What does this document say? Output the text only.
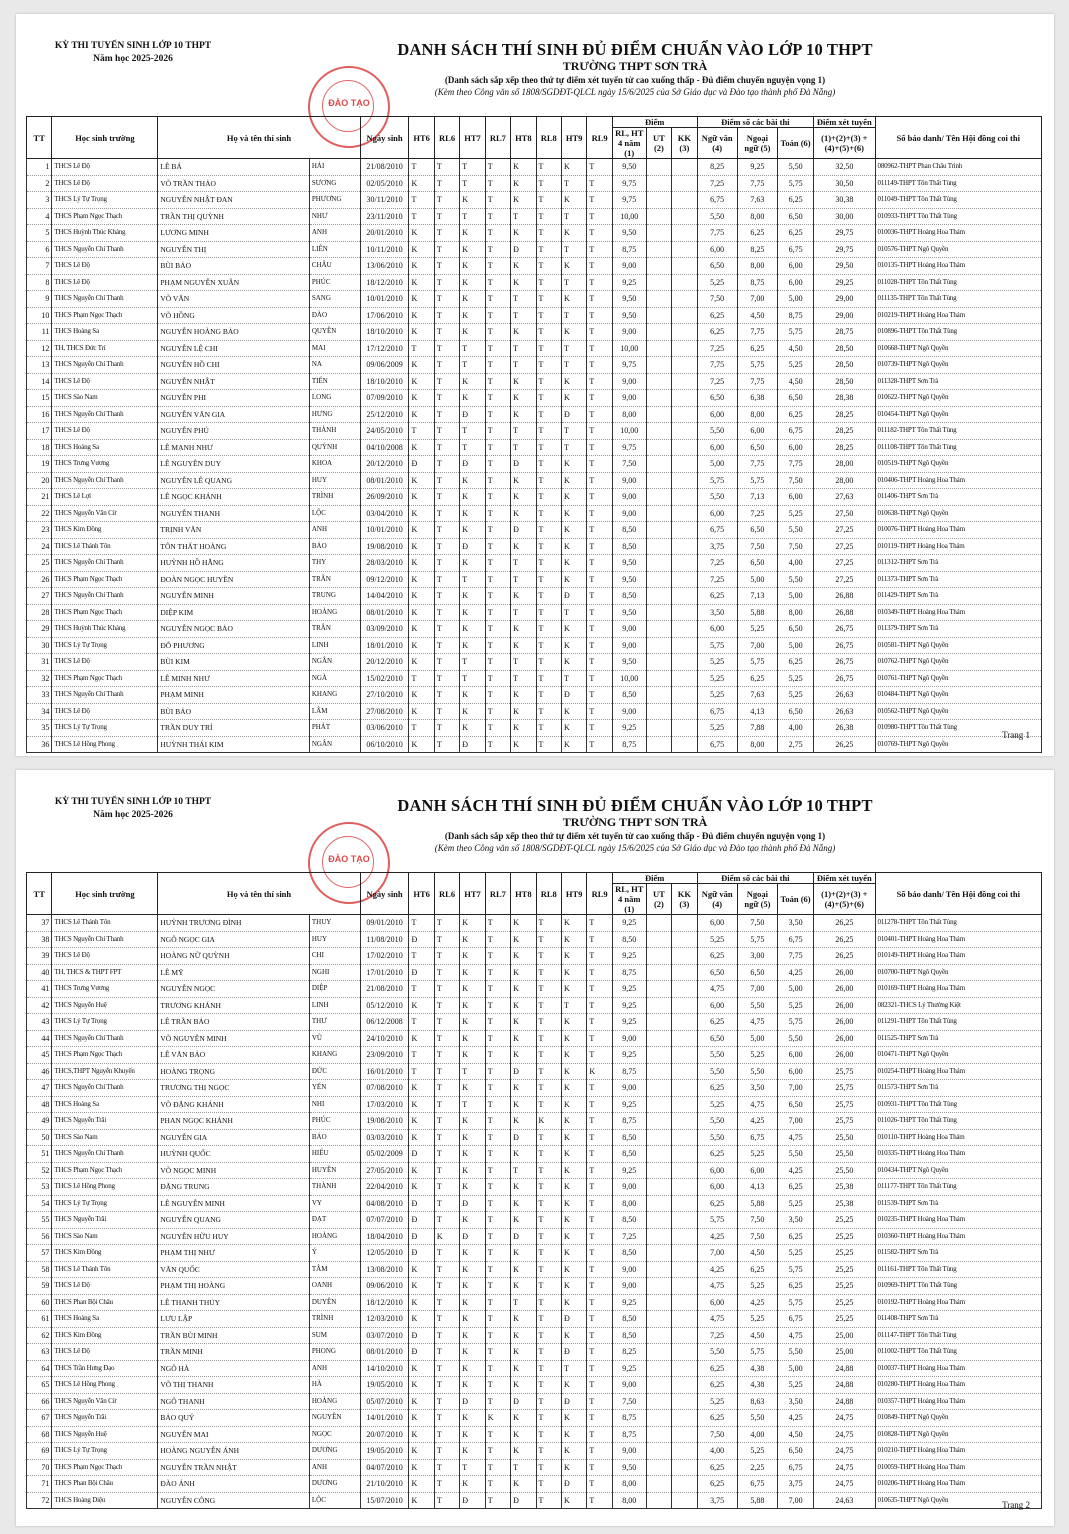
KỲ THI TUYỂN SINH LỚP 10 THPT
Năm học 2025-2026
ĐÀO TẠO
DANH SÁCH THÍ SINH ĐỦ ĐIỂM CHUẨN VÀO LỚP 10 THPT
TRƯỜNG THPT SƠN TRÀ
(Danh sách sắp xếp theo thứ tự điểm xét tuyển từ cao xuống thấp - Đủ điểm chuyển nguyện vọng 1)
(Kèm theo Công văn số 1808/SGDĐT-QLCL ngày 15/6/2025 của Sở Giáo dục và Đào tạo thành phố Đà Nẵng)
TT	Học sinh trường	Họ và tên thí sinh		Ngày sinh	HT6	RL6	HT7	RL7	HT8	RL8	HT9	RL9	Điểm			Điểm số các bài thi			Điểm xét tuyển	Số báo danh/ Tên Hội đồng coi thi
													RL, HT 4 năm (1)	UT (2)	KK (3)	Ngữ văn (4)	Ngoại ngữ (5)	Toán (6)	(1)+(2)+(3) +(4)+(5)+(6)	
1	THCS Lê Độ	LÊ BÁ	HẢI	21/08/2010	T	T	T	T	K	T	K	T	9,50			8,25	9,25	5,50	32,50	080962-THPT Phan Châu Trinh
2	THCS Lê Độ	VÕ TRẦN THẢO	SƯƠNG	02/05/2010	K	T	T	T	K	T	T	T	9,75			7,25	7,75	5,75	30,50	011149-THPT Tôn Thất Tùng
3	THCS Lý Tự Trọng	NGUYỄN NHẬT ĐAN	PHƯƠNG	30/11/2010	T	T	K	T	K	T	K	T	9,75			6,75	7,63	6,25	30,38	011049-THPT Tôn Thất Tùng
4	THCS Phạm Ngọc Thạch	TRẦN THỊ QUỲNH	NHƯ	23/11/2010	T	T	T	T	T	T	T	T	10,00			5,50	8,00	6,50	30,00	010933-THPT Tôn Thất Tùng
5	THCS Huỳnh Thúc Kháng	LƯƠNG MINH	ANH	20/01/2010	K	T	K	T	K	T	K	T	9,50			7,75	6,25	6,25	29,75	010036-THPT Hoàng Hoa Thám
6	THCS Nguyễn Chí Thanh	NGUYỄN THỊ	LIÊN	10/11/2010	K	T	K	T	Đ	T	T	T	8,75			6,00	8,25	6,75	29,75	010576-THPT Ngô Quyền
7	THCS Lê Độ	BÙI BẢO	CHÂU	13/06/2010	K	T	K	T	K	T	K	T	9,00			6,50	8,00	6,00	29,50	010135-THPT Hoàng Hoa Thám
8	THCS Lê Độ	PHẠM NGUYỄN XUÂN	PHÚC	18/12/2010	K	T	K	T	K	T	T	T	9,25			5,25	8,75	6,00	29,25	011028-THPT Tôn Thất Tùng
9	THCS Nguyễn Chí Thanh	VÕ VĂN	SANG	10/01/2010	K	T	K	T	T	T	K	T	9,50			7,50	7,00	5,00	29,00	011135-THPT Tôn Thất Tùng
10	THCS Phạm Ngọc Thạch	VÕ HỒNG	ĐÀO	17/06/2010	K	T	K	T	T	T	T	T	9,50			6,25	4,50	8,75	29,00	010219-THPT Hoàng Hoa Thám
11	THCS Hoàng Sa	NGUYỄN HOÀNG BẢO	QUYÊN	18/10/2010	K	T	K	T	K	T	K	T	9,00			6,25	7,75	5,75	28,75	010896-THPT Tôn Thất Tùng
12	TH, THCS Đức Trí	NGUYỄN LỆ CHI	MAI	17/12/2010	T	T	T	T	T	T	T	T	10,00			7,25	6,25	4,50	28,50	010668-THPT Ngô Quyền
13	THCS Nguyễn Chí Thanh	NGUYỄN HỒ CHI	NA	09/06/2009	K	T	T	T	T	T	T	T	9,75			7,75	5,75	5,25	28,50	010739-THPT Ngô Quyền
14	THCS Lê Độ	NGUYỄN NHẬT	TIẾN	18/10/2010	K	T	K	T	K	T	K	T	9,00			7,25	7,75	4,50	28,50	011328-THPT Sơn Trà
15	THCS Sào Nam	NGUYỄN PHI	LONG	07/09/2010	K	T	K	T	K	T	K	T	9,00			6,50	6,38	6,50	28,38	010622-THPT Ngô Quyền
16	THCS Nguyễn Chí Thanh	NGUYỄN VĂN GIA	HƯNG	25/12/2010	K	T	Đ	T	K	T	Đ	T	8,00			6,00	8,00	6,25	28,25	010454-THPT Ngô Quyền
17	THCS Lê Độ	NGUYỄN PHÚ	THÀNH	24/05/2010	T	T	T	T	T	T	T	T	10,00			5,50	6,00	6,75	28,25	011182-THPT Tôn Thất Tùng
18	THCS Hoàng Sa	LÊ MẠNH NHƯ	QUỲNH	04/10/2008	K	T	T	T	T	T	T	T	9,75			6,00	6,50	6,00	28,25	011108-THPT Tôn Thất Tùng
19	THCS Trưng Vương	LÊ NGUYÊN DUY	KHOA	20/12/2010	Đ	T	Đ	T	Đ	T	K	T	7,50			5,00	7,75	7,75	28,00	010519-THPT Ngô Quyền
20	THCS Nguyễn Chí Thanh	NGUYỄN LÊ QUANG	HUY	08/01/2010	K	T	K	T	K	T	K	T	9,00			5,75	5,75	7,50	28,00	010406-THPT Hoàng Hoa Thám
21	THCS Lê Lợi	LÊ NGỌC KHÁNH	TRÌNH	26/09/2010	K	T	K	T	K	T	K	T	9,00			5,50	7,13	6,00	27,63	011406-THPT Sơn Trà
22	THCS Nguyễn Văn Cừ	NGUYỄN THANH	LỘC	03/04/2010	K	T	K	T	K	T	K	T	9,00			6,00	7,25	5,25	27,50	010638-THPT Ngô Quyền
23	THCS Kim Đồng	TRỊNH VĂN	ANH	10/01/2010	K	T	K	T	Đ	T	K	T	8,50			6,75	6,50	5,50	27,25	010076-THPT Hoàng Hoa Thám
24	THCS Lê Thánh Tôn	TÔN THẤT HOÀNG	BẢO	19/08/2010	K	T	Đ	T	K	T	K	T	8,50			3,75	7,50	7,50	27,25	010119-THPT Hoàng Hoa Thám
25	THCS Nguyễn Chí Thanh	HUỲNH HỒ HẰNG	THY	28/03/2010	K	T	K	T	T	T	K	T	9,50			7,25	6,50	4,00	27,25	011312-THPT Sơn Trà
26	THCS Phạm Ngọc Thạch	ĐOÀN NGỌC HUYỀN	TRÂN	09/12/2010	K	T	T	T	T	T	K	T	9,50			7,25	5,00	5,50	27,25	011373-THPT Sơn Trà
27	THCS Nguyễn Chí Thanh	NGUYỄN MINH	TRUNG	14/04/2010	K	T	K	T	K	T	Đ	T	8,50			6,25	7,13	5,00	26,88	011429-THPT Sơn Trà
28	THCS Phạm Ngọc Thạch	DIỆP KIM	HOÀNG	08/01/2010	K	T	K	T	T	T	T	T	9,50			3,50	5,88	8,00	26,88	010349-THPT Hoàng Hoa Thám
29	THCS Huỳnh Thúc Kháng	NGUYỄN NGỌC BẢO	TRÂN	03/09/2010	K	T	K	T	K	T	K	T	9,00			6,00	5,25	6,50	26,75	011379-THPT Sơn Trà
30	THCS Lý Tự Trọng	ĐỖ PHƯƠNG	LINH	18/01/2010	K	T	K	T	K	T	K	T	9,00			5,75	7,00	5,00	26,75	010581-THPT Ngô Quyền
31	THCS Lê Độ	BÙI KIM	NGÂN	20/12/2010	K	T	T	T	T	T	K	T	9,50			5,25	5,75	6,25	26,75	010762-THPT Ngô Quyền
32	THCS Phạm Ngọc Thạch	LÊ MINH NHƯ	NGÀ	15/02/2010	T	T	T	T	T	T	T	T	10,00			5,25	6,25	5,25	26,75	010761-THPT Ngô Quyền
33	THCS Nguyễn Chí Thanh	PHẠM MINH	KHANG	27/10/2010	K	T	K	T	K	T	Đ	T	8,50			5,25	7,63	5,25	26,63	010484-THPT Ngô Quyền
34	THCS Lê Độ	BÙI BẢO	LÂM	27/08/2010	K	T	K	T	K	T	K	T	9,00			6,75	4,13	6,50	26,63	010562-THPT Ngô Quyền
35	THCS Lý Tự Trọng	TRẦN DUY TRÍ	PHÁT	03/06/2010	T	T	K	T	K	T	K	T	9,25			5,25	7,88	4,00	26,38	010980-THPT Tôn Thất Tùng
36	THCS Lê Hồng Phong	HUỲNH THÁI KIM	NGÂN	06/10/2010	K	T	Đ	T	K	T	K	T	8,75			6,75	8,00	2,75	26,25	010769-THPT Ngô Quyền
Trang 1
KỲ THI TUYỂN SINH LỚP 10 THPT
Năm học 2025-2026
ĐÀO TẠO
DANH SÁCH THÍ SINH ĐỦ ĐIỂM CHUẨN VÀO LỚP 10 THPT
TRƯỜNG THPT SƠN TRÀ
(Danh sách sắp xếp theo thứ tự điểm xét tuyển từ cao xuống thấp - Đủ điểm chuyển nguyện vọng 1)
(Kèm theo Công văn số 1808/SGDĐT-QLCL ngày 15/6/2025 của Sở Giáo dục và Đào tạo thành phố Đà Nẵng)
TT	Học sinh trường	Họ và tên thí sinh		Ngày sinh	HT6	RL6	HT7	RL7	HT8	RL8	HT9	RL9	Điểm			Điểm số các bài thi			Điểm xét tuyển	Số báo danh/ Tên Hội đồng coi thi
													RL, HT 4 năm (1)	UT (2)	KK (3)	Ngữ văn (4)	Ngoại ngữ (5)	Toán (6)	(1)+(2)+(3) +(4)+(5)+(6)	
37	THCS Lê Thánh Tôn	HUỲNH TRƯƠNG ĐÌNH	THUY	09/01/2010	T	T	K	T	K	T	K	T	9,25			6,00	7,50	3,50	26,25	011278-THPT Tôn Thất Tùng
38	THCS Nguyễn Chí Thanh	NGÔ NGỌC GIA	HUY	11/08/2010	Đ	T	K	T	K	T	K	T	8,50			5,25	5,75	6,75	26,25	010401-THPT Hoàng Hoa Thám
39	THCS Lê Độ	HOÀNG NỮ QUỲNH	CHI	17/02/2010	T	T	K	T	K	T	K	T	9,25			6,25	3,00	7,75	26,25	010149-THPT Hoàng Hoa Thám
40	TH, THCS & THPT FPT	LÊ MỸ	NGHI	17/01/2010	Đ	T	K	T	K	T	K	T	8,75			6,50	6,50	4,25	26,00	010700-THPT Ngô Quyền
41	THCS Trưng Vương	NGUYỄN NGỌC	DIỆP	21/08/2010	T	T	K	T	K	T	K	T	9,25			4,75	7,00	5,00	26,00	010169-THPT Hoàng Hoa Thám
42	THCS Nguyễn Huệ	TRƯƠNG KHÁNH	LINH	05/12/2010	K	T	K	T	K	T	T	T	9,25			6,00	5,50	5,25	26,00	082321-THCS Lý Thường Kiệt
43	THCS Lý Tự Trọng	LÊ TRẦN BẢO	THƯ	06/12/2008	T	T	K	T	K	T	K	T	9,25			6,25	4,75	5,75	26,00	011291-THPT Tôn Thất Tùng
44	THCS Nguyễn Chí Thanh	VÕ NGUYÊN MINH	VŨ	24/10/2010	K	T	K	T	K	T	K	T	9,00			6,50	5,00	5,50	26,00	011525-THPT Sơn Trà
45	THCS Phạm Ngọc Thạch	LÊ VĂN BẢO	KHANG	23/09/2010	T	T	K	T	K	T	K	T	9,25			5,50	5,25	6,00	26,00	010471-THPT Ngô Quyền
46	THCS,THPT Nguyễn Khuyến	HOÀNG TRỌNG	ĐỨC	16/01/2010	T	T	T	T	Đ	T	K	K	8,75			5,50	5,50	6,00	25,75	010254-THPT Hoàng Hoa Thám
47	THCS Nguyễn Chí Thanh	TRƯƠNG THỊ NGỌC	YẾN	07/08/2010	K	T	K	T	K	T	K	T	9,00			6,25	3,50	7,00	25,75	011573-THPT Sơn Trà
48	THCS Hoàng Sa	VÕ ĐẶNG KHÁNH	NHI	17/03/2010	K	T	T	T	K	T	K	T	9,25			5,25	4,75	6,50	25,75	010931-THPT Tôn Thất Tùng
49	THCS Nguyễn Trãi	PHAN NGỌC KHÁNH	PHÚC	19/08/2010	K	T	K	T	K	K	K	T	8,75			5,50	4,25	7,00	25,75	011026-THPT Tôn Thất Tùng
50	THCS Sào Nam	NGUYỄN GIA	BẢO	03/03/2010	K	T	K	T	Đ	T	K	T	8,50			5,50	6,75	4,75	25,50	010110-THPT Hoàng Hoa Thám
51	THCS Nguyễn Chí Thanh	HUỲNH QUỐC	HIẾU	05/02/2009	Đ	T	K	T	K	T	K	T	8,50			6,25	5,25	5,50	25,50	010335-THPT Hoàng Hoa Thám
52	THCS Phạm Ngọc Thạch	VÕ NGỌC MINH	HUYỀN	27/05/2010	K	T	K	T	T	T	K	T	9,25			6,00	6,00	4,25	25,50	010434-THPT Ngô Quyền
53	THCS Lê Hồng Phong	ĐẶNG TRUNG	THÀNH	22/04/2010	K	T	K	T	K	T	K	T	9,00			6,00	4,13	6,25	25,38	011177-THPT Tôn Thất Tùng
54	THCS Lý Tự Trọng	LÊ NGUYỄN MINH	VY	04/08/2010	Đ	T	Đ	T	K	T	K	T	8,00			6,25	5,88	5,25	25,38	011539-THPT Sơn Trà
55	THCS Nguyễn Trãi	NGUYỄN QUANG	ĐẠT	07/07/2010	Đ	T	K	T	K	T	K	T	8,50			5,75	7,50	3,50	25,25	010235-THPT Hoàng Hoa Thám
56	THCS Sào Nam	NGUYỄN HỮU HUY	HOÀNG	18/04/2010	Đ	K	Đ	T	Đ	T	K	T	7,25			4,25	7,50	6,25	25,25	010360-THPT Hoàng Hoa Thám
57	THCS Kim Đồng	PHẠM THỊ NHƯ	Ý	12/05/2010	Đ	T	K	T	K	T	K	T	8,50			7,00	4,50	5,25	25,25	011582-THPT Sơn Trà
58	THCS Lê Thánh Tôn	VĂN QUỐC	TÂM	13/08/2010	K	T	K	T	K	T	K	T	9,00			4,25	6,25	5,75	25,25	011161-THPT Tôn Thất Tùng
59	THCS Lê Độ	PHẠM THỊ HOÀNG	OANH	09/06/2010	K	T	K	T	K	T	K	T	9,00			4,75	5,25	6,25	25,25	010969-THPT Tôn Thất Tùng
60	THCS Phan Bội Châu	LÊ THANH THỦY	DUYÊN	18/12/2010	K	T	K	T	T	T	K	T	9,25			6,00	4,25	5,75	25,25	010192-THPT Hoàng Hoa Thám
61	THCS Hoàng Sa	LƯU LẬP	TRÌNH	12/03/2010	K	T	K	T	K	T	Đ	T	8,50			4,75	5,25	6,75	25,25	011408-THPT Sơn Trà
62	THCS Kim Đồng	TRẦN BÙI MINH	SUM	03/07/2010	Đ	T	K	T	K	T	K	T	8,50			7,25	4,50	4,75	25,00	011147-THPT Tôn Thất Tùng
63	THCS Lê Độ	TRẦN MINH	PHONG	08/01/2010	Đ	T	K	T	K	T	Đ	T	8,25			5,50	5,75	5,50	25,00	011002-THPT Tôn Thất Tùng
64	THCS Trần Hưng Đạo	NGÔ HÀ	ANH	14/10/2010	K	T	K	T	K	T	T	T	9,25			6,25	4,38	5,00	24,88	010037-THPT Hoàng Hoa Thám
65	THCS Lê Hồng Phong	VÕ THỊ THANH	HÀ	19/05/2010	K	T	K	T	K	T	K	T	9,00			6,25	4,38	5,25	24,88	010280-THPT Hoàng Hoa Thám
66	THCS Nguyễn Văn Cừ	NGÔ THANH	HOÀNG	05/07/2010	K	T	Đ	T	Đ	T	Đ	T	7,50			5,25	8,63	3,50	24,88	010357-THPT Hoàng Hoa Thám
67	THCS Nguyễn Trãi	BẢO QUÝ	NGUYÊN	14/01/2010	K	T	K	K	K	T	K	T	8,75			6,25	5,50	4,25	24,75	010849-THPT Ngô Quyền
68	THCS Nguyễn Huệ	NGUYỄN MAI	NGỌC	20/07/2010	K	T	K	T	K	T	K	T	8,75			7,50	4,00	4,50	24,75	010828-THPT Ngô Quyền
69	THCS Lý Tự Trọng	HOÀNG NGUYỄN ÁNH	DƯƠNG	19/05/2010	K	T	K	T	K	T	K	T	9,00			4,00	5,25	6,50	24,75	010210-THPT Hoàng Hoa Thám
70	THCS Phạm Ngọc Thạch	NGUYỄN TRẦN NHẬT	ANH	04/07/2010	K	T	T	T	T	T	K	T	9,50			6,25	2,25	6,75	24,75	010059-THPT Hoàng Hoa Thám
71	THCS Phan Bội Châu	ĐÀO ÁNH	DƯƠNG	21/10/2010	K	T	K	T	K	T	Đ	T	8,00			6,25	6,75	3,75	24,75	010206-THPT Hoàng Hoa Thám
72	THCS Hoàng Diệu	NGUYỄN CÔNG	LỘC	15/07/2010	K	T	Đ	T	Đ	T	K	T	8,00			3,75	5,88	7,00	24,63	010635-THPT Ngô Quyền
Trang 2
